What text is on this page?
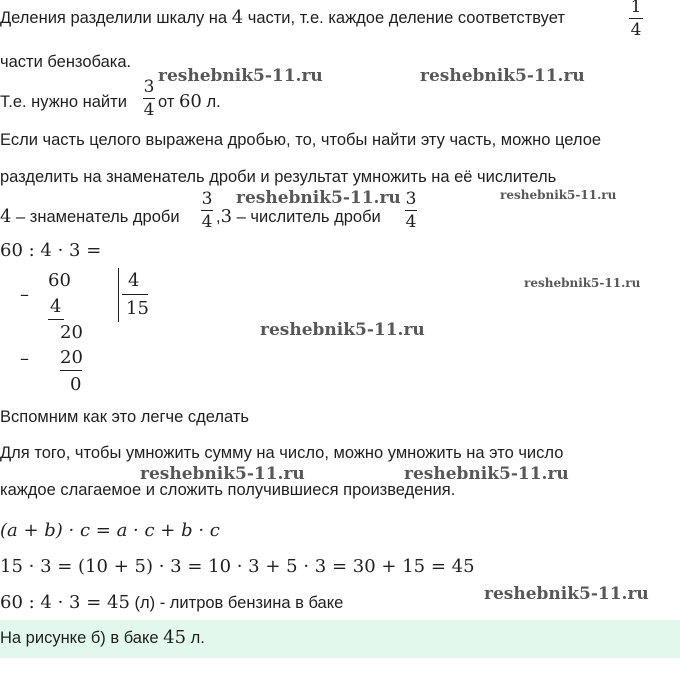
Деления разделили шкалу на 4 части, т.е. каждое деление соответствует
1
4
части бензобака.
Т.е. нужно найти
3
4 от 60 л.
Если часть целого выражена дробью, то, чтобы найти эту часть, можно целое
разделить на знаменатель дроби и результат умножить на её числитель
4 – знаменатель дроби
3
4 ,3 – числитель дроби
3
4
60 : 4 · 3 =
–
60
4
4
15
20
– 20
0
Вспомним как это легче сделать
Для того, чтобы умножить сумму на число, можно умножить на это число
каждое слагаемое и сложить получившиеся произведения.
(a + b) · c = a · c + b · c
15 · 3 = (10 + 5) · 3 = 10 · 3 + 5 · 3 = 30 + 15 = 45
60 : 4 · 3 = 45 (л) - литров бензина в баке
На рисунке б) в баке 45 л.
reshebnik5-11.ru	reshebnik5-11.ru
reshebnik5-11.ru	reshebnik5-11.ru
reshebnik5-11.ru
reshebnik5-11.ru
reshebnik5-11.ru	reshebnik5-11.ru
reshebnik5-11.ru
